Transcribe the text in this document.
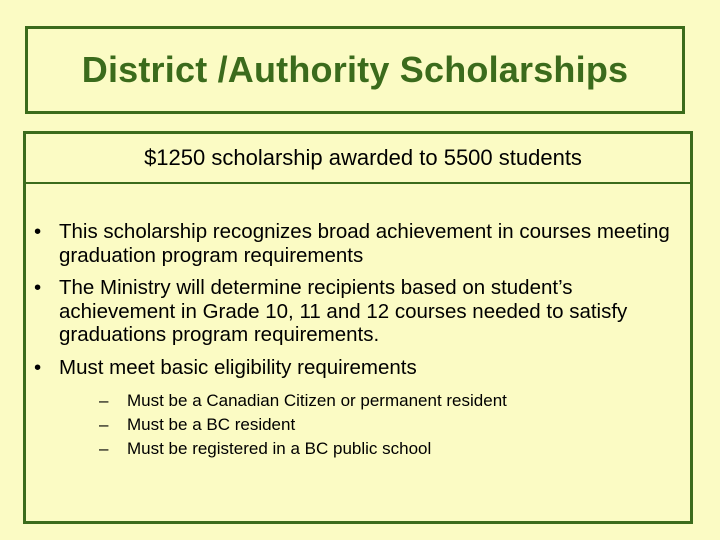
District /Authority Scholarships
$1250 scholarship awarded to 5500 students
• This scholarship recognizes broad achievement in courses meeting graduation program requirements
• The Ministry will determine recipients based on student’s achievement in Grade 10, 11 and 12 courses needed to satisfy graduations program requirements.
• Must meet basic eligibility requirements
– Must be a Canadian Citizen or permanent resident
– Must be a BC resident
– Must be registered in a BC public school
